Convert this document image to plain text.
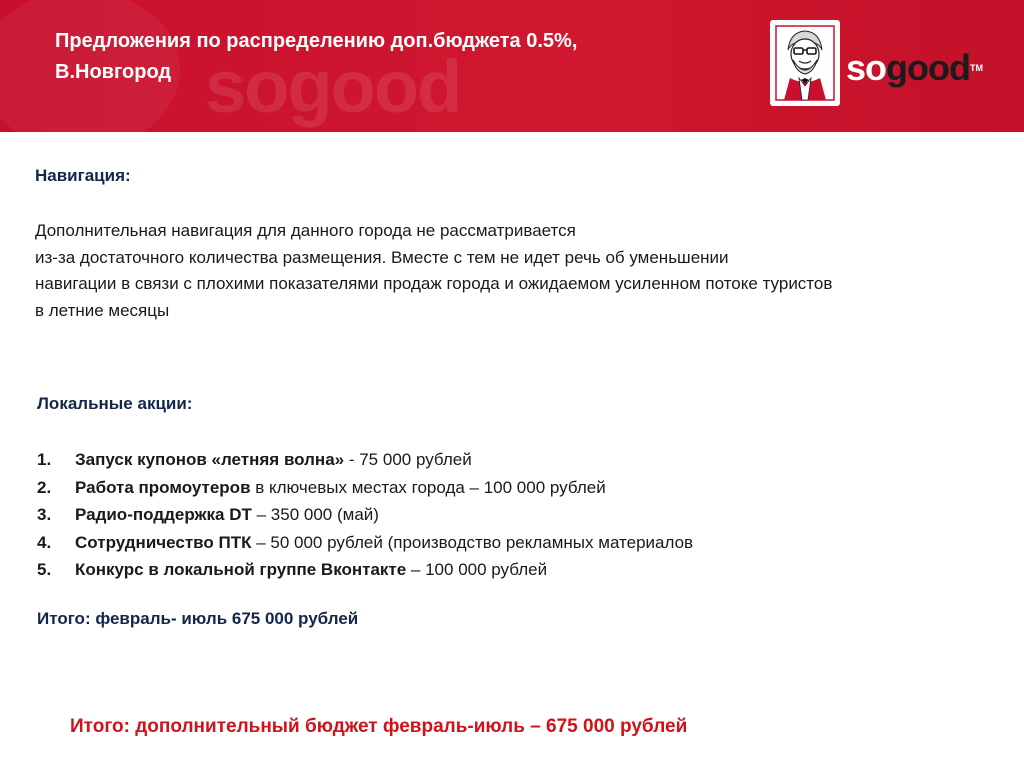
sogood
Предложения по распределению доп.бюджета 0.5%,
В.Новгород	sogood™
Навигация:
Дополнительная навигация для данного города не рассматривается
из-за достаточного количества размещения. Вместе с тем не идет речь об уменьшении
навигации в связи с плохими показателями продаж города и ожидаемом усиленном потоке туристов
в летние месяцы
Локальные акции:
1. Запуск купонов «летняя волна» - 75 000 рублей
2. Работа промоутеров в ключевых местах города – 100 000 рублей
3. Радио-поддержка DT – 350 000 (май)
4. Сотрудничество ПТК – 50 000 рублей (производство рекламных материалов
5. Конкурс в локальной группе Вконтакте – 100 000 рублей
Итого: февраль- июль 675 000 рублей
Итого: дополнительный бюджет февраль-июль – 675 000 рублей
